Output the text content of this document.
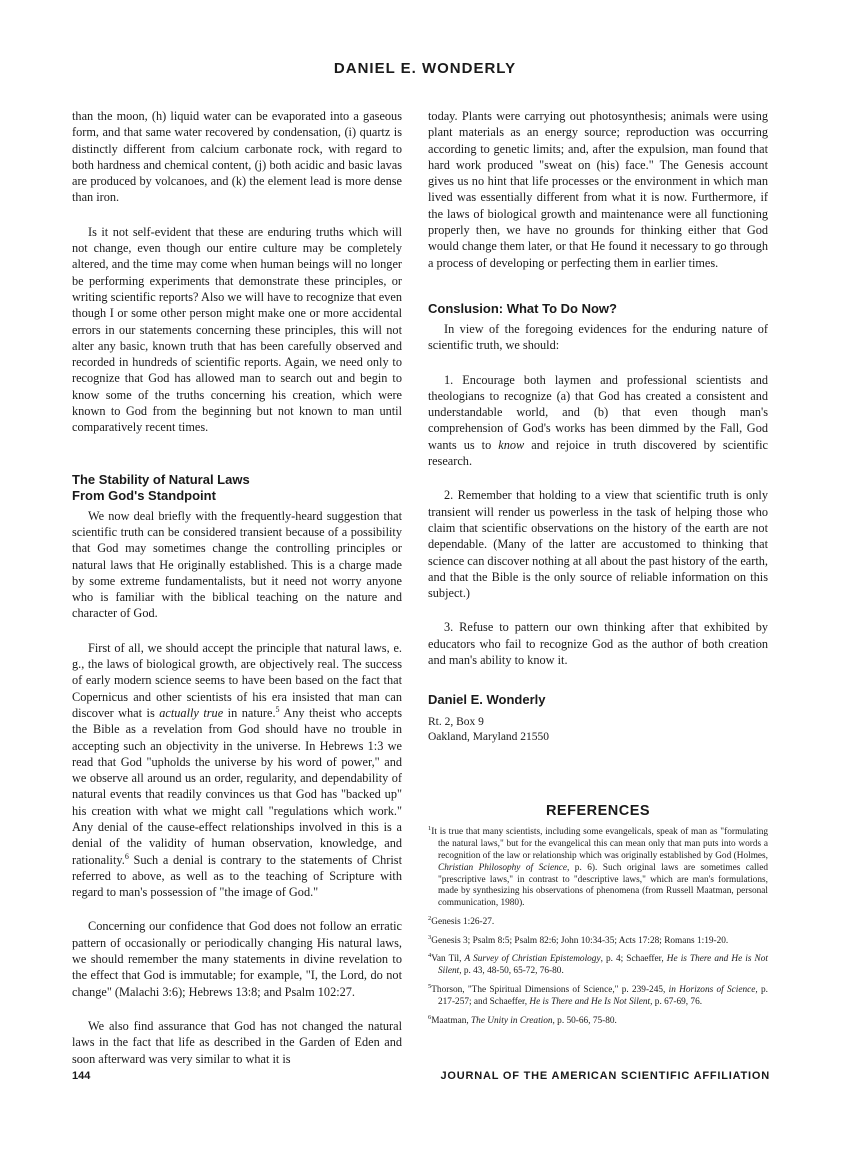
DANIEL E. WONDERLY

than the moon, (h) liquid water can be evaporated into a gaseous form, and that same water recovered by condensation, (i) quartz is distinctly different from calcium carbonate rock, with regard to both hardness and chemical content, (j) both acidic and basic lavas are produced by volcanoes, and (k) the element lead is more dense than iron.

Is it not self-evident that these are enduring truths which will not change, even though our entire culture may be completely altered, and the time may come when human beings will no longer be performing experiments that demonstrate these principles, or writing scientific reports? Also we will have to recognize that even though I or some other person might make one or more accidental errors in our statements concerning these principles, this will not alter any basic, known truth that has been carefully observed and recorded in hundreds of scientific reports. Again, we need only to recognize that God has allowed man to search out and begin to know some of the truths concerning his creation, which were known to God from the beginning but not known to man until comparatively recent times.

The Stability of Natural Laws
From God's Standpoint

We now deal briefly with the frequently-heard suggestion that scientific truth can be considered transient because of a possibility that God may sometimes change the controlling principles or natural laws that He originally established. This is a charge made by some extreme fundamentalists, but it need not worry anyone who is familiar with the biblical teaching on the nature and character of God.

First of all, we should accept the principle that natural laws, e. g., the laws of biological growth, are objectively real. The success of early modern science seems to have been based on the fact that Copernicus and other scientists of his era insisted that man can discover what is actually true in nature.$^5$ Any theist who accepts the Bible as a revelation from God should have no trouble in accepting such an objectivity in the universe. In Hebrews 1:3 we read that God "upholds the universe by his word of power," and we observe all around us an order, regularity, and dependability of natural events that readily convinces us that God has "backed up" his creation with what we might call "regulations which work." Any denial of the cause-effect relationships involved in this is a denial of the validity of human observation, knowledge, and rationality.$^6$ Such a denial is contrary to the statements of Christ referred to above, as well as to the teaching of Scripture with regard to man's possession of "the image of God."

Concerning our confidence that God does not follow an erratic pattern of occasionally or periodically changing His natural laws, we should remember the many statements in divine revelation to the effect that God is immutable; for example, "I, the Lord, do not change" (Malachi 3:6); Hebrews 13:8; and Psalm 102:27.

We also find assurance that God has not changed the natural laws in the fact that life as described in the Garden of Eden and soon afterward was very similar to what it is

today. Plants were carrying out photosynthesis; animals were using plant materials as an energy source; reproduction was occurring according to genetic limits; and, after the expulsion, man found that hard work produced "sweat on (his) face." The Genesis account gives us no hint that life processes or the environment in which man lived was essentially different from what it is now. Furthermore, if the laws of biological growth and maintenance were all functioning properly then, we have no grounds for thinking either that God would change them later, or that He found it necessary to go through a process of developing or perfecting them in earlier times.

Conslusion: What To Do Now?

In view of the foregoing evidences for the enduring nature of scientific truth, we should:

1. Encourage both laymen and professional scientists and theologians to recognize (a) that God has created a consistent and understandable world, and (b) that even though man's comprehension of God's works has been dimmed by the Fall, God wants us to know and rejoice in truth discovered by scientific research.

2. Remember that holding to a view that scientific truth is only transient will render us powerless in the task of helping those who claim that scientific observations on the history of the earth are not dependable. (Many of the latter are accustomed to thinking that science can discover nothing at all about the past history of the earth, and that the Bible is the only source of reliable information on this subject.)

3. Refuse to pattern our own thinking after that exhibited by educators who fail to recognize God as the author of both creation and man's ability to know it.

Daniel E. Wonderly
Rt. 2, Box 9
Oakland, Maryland 21550
REFERENCES

$^1$It is true that many scientists, including some evangelicals, speak of man as "formulating the natural laws," but for the evangelical this can mean only that man puts into words a recognition of the law or relationship which was originally established by God (Holmes, Christian Philosophy of Science, p. 6). Such original laws are sometimes called "prescriptive laws," in contrast to "descriptive laws," which are man's formulations, made by synthesizing his observations of phenomena (from Russell Maatman, personal communication, 1980).

$^2$Genesis 1:26-27.

$^3$Genesis 3; Psalm 8:5; Psalm 82:6; John 10:34-35; Acts 17:28; Romans 1:19-20.

$^4$Van Til, A Survey of Christian Epistemology, p. 4; Schaeffer, He is There and He is Not Silent, p. 43, 48-50, 65-72, 76-80.

$^5$Thorson, "The Spiritual Dimensions of Science," p. 239-245, in Horizons of Science, p. 217-257; and Schaeffer, He is There and He Is Not Silent, p. 67-69, 76.

$^6$Maatman, The Unity in Creation, p. 50-66, 75-80.

144	JOURNAL OF THE AMERICAN SCIENTIFIC AFFILIATION
